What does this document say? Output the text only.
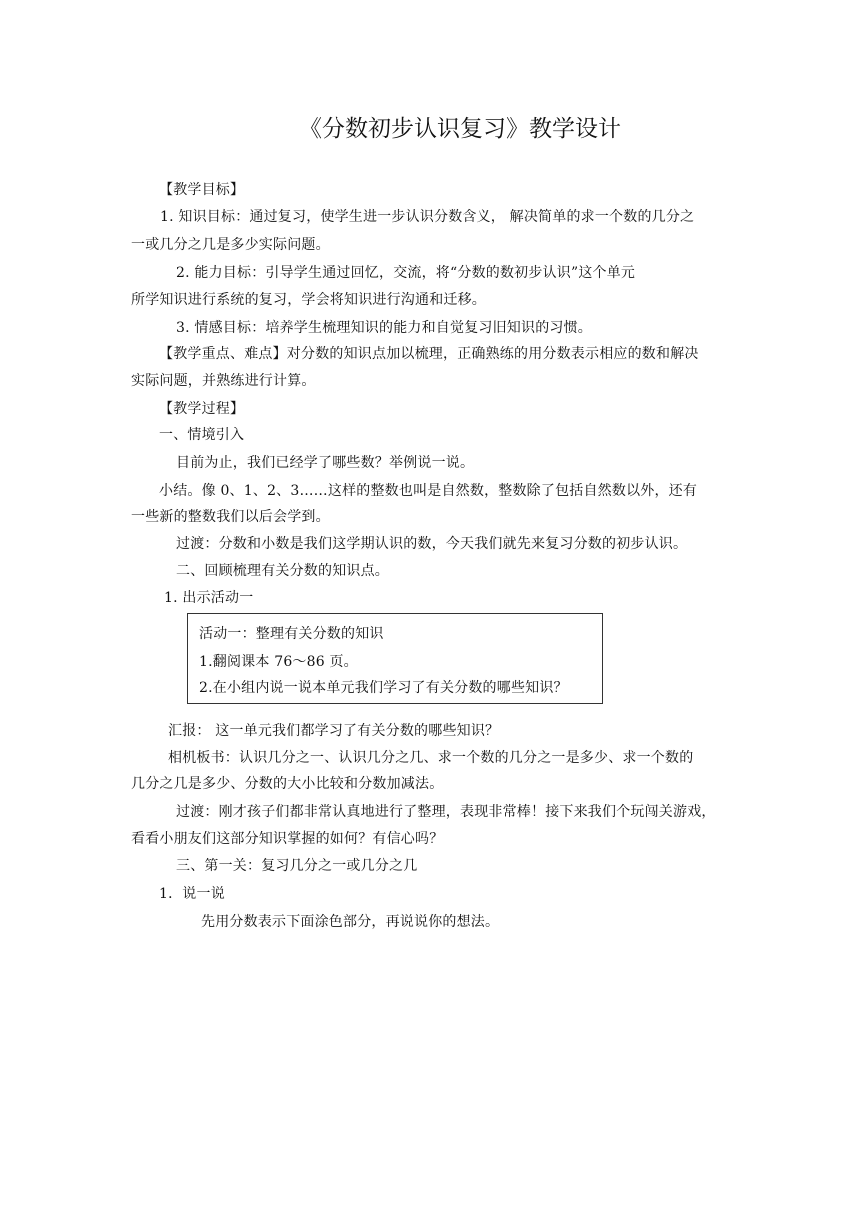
《分数初步认识复习》教学设计
【教学目标】
1. 知识目标：通过复习，使学生进一步认识分数含义， 解决简单的求一个数的几分之
一或几分之几是多少实际问题。
2. 能力目标：引导学生通过回忆，交流，将“分数的数初步认识”这个单元
所学知识进行系统的复习，学会将知识进行沟通和迁移。
3. 情感目标：培养学生梳理知识的能力和自觉复习旧知识的习惯。
【教学重点、难点】对分数的知识点加以梳理，正确熟练的用分数表示相应的数和解决
实际问题，并熟练进行计算。
【教学过程】
一、情境引入
目前为止，我们已经学了哪些数？举例说一说。
小结。像 0、1、2、3……这样的整数也叫是自然数，整数除了包括自然数以外，还有
一些新的整数我们以后会学到。
过渡：分数和小数是我们这学期认识的数，今天我们就先来复习分数的初步认识。
二、回顾梳理有关分数的知识点。
1. 出示活动一
活动一：整理有关分数的知识
1.翻阅课本 76～86 页。
2.在小组内说一说本单元我们学习了有关分数的哪些知识？
汇报： 这一单元我们都学习了有关分数的哪些知识？
相机板书：认识几分之一、认识几分之几、求一个数的几分之一是多少、求一个数的
几分之几是多少、分数的大小比较和分数加减法。
过渡：刚才孩子们都非常认真地进行了整理，表现非常棒！接下来我们个玩闯关游戏，
看看小朋友们这部分知识掌握的如何？有信心吗？
三、第一关：复习几分之一或几分之几
1．说一说
先用分数表示下面涂色部分，再说说你的想法。
